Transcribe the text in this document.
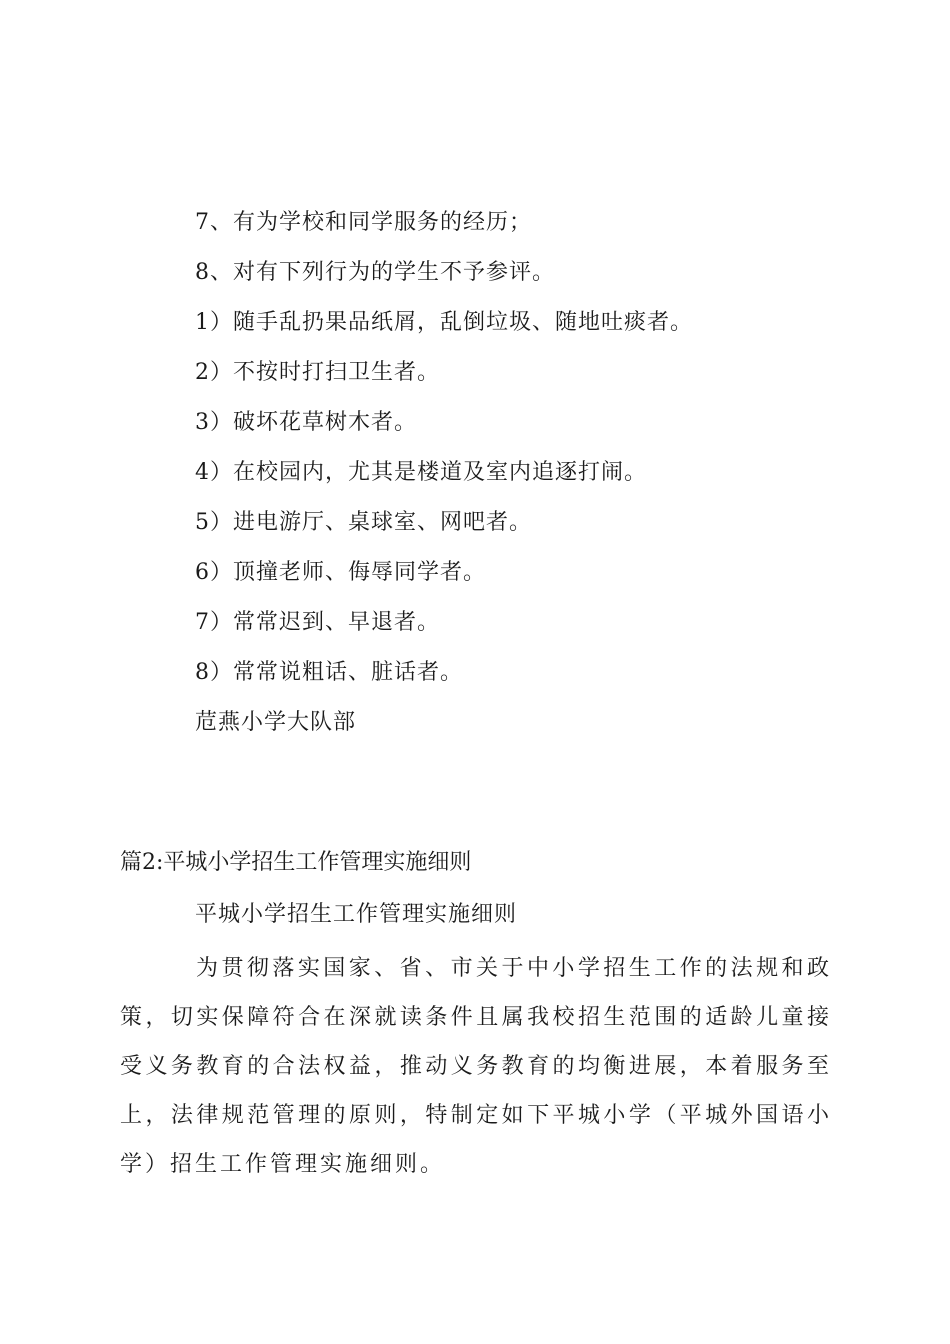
7、有为学校和同学服务的经历；
8、对有下列行为的学生不予参评。
1）随手乱扔果品纸屑，乱倒垃圾、随地吐痰者。
2）不按时打扫卫生者。
3）破坏花草树木者。
4）在校园内，尤其是楼道及室内追逐打闹。
5）进电游厅、桌球室、网吧者。
6）顶撞老师、侮辱同学者。
7）常常迟到、早退者。
8）常常说粗话、脏话者。
苊燕小学大队部
篇2:平城小学招生工作管理实施细则
平城小学招生工作管理实施细则

为贯彻落实国家、省、市关于中小学招生工作的法规和政策，切实保障符合在深就读条件且属我校招生范围的适龄儿童接受义务教育的合法权益，推动义务教育的均衡进展，本着服务至上，法律规范管理的原则，特制定如下平城小学（平城外国语小学）招生工作管理实施细则。
